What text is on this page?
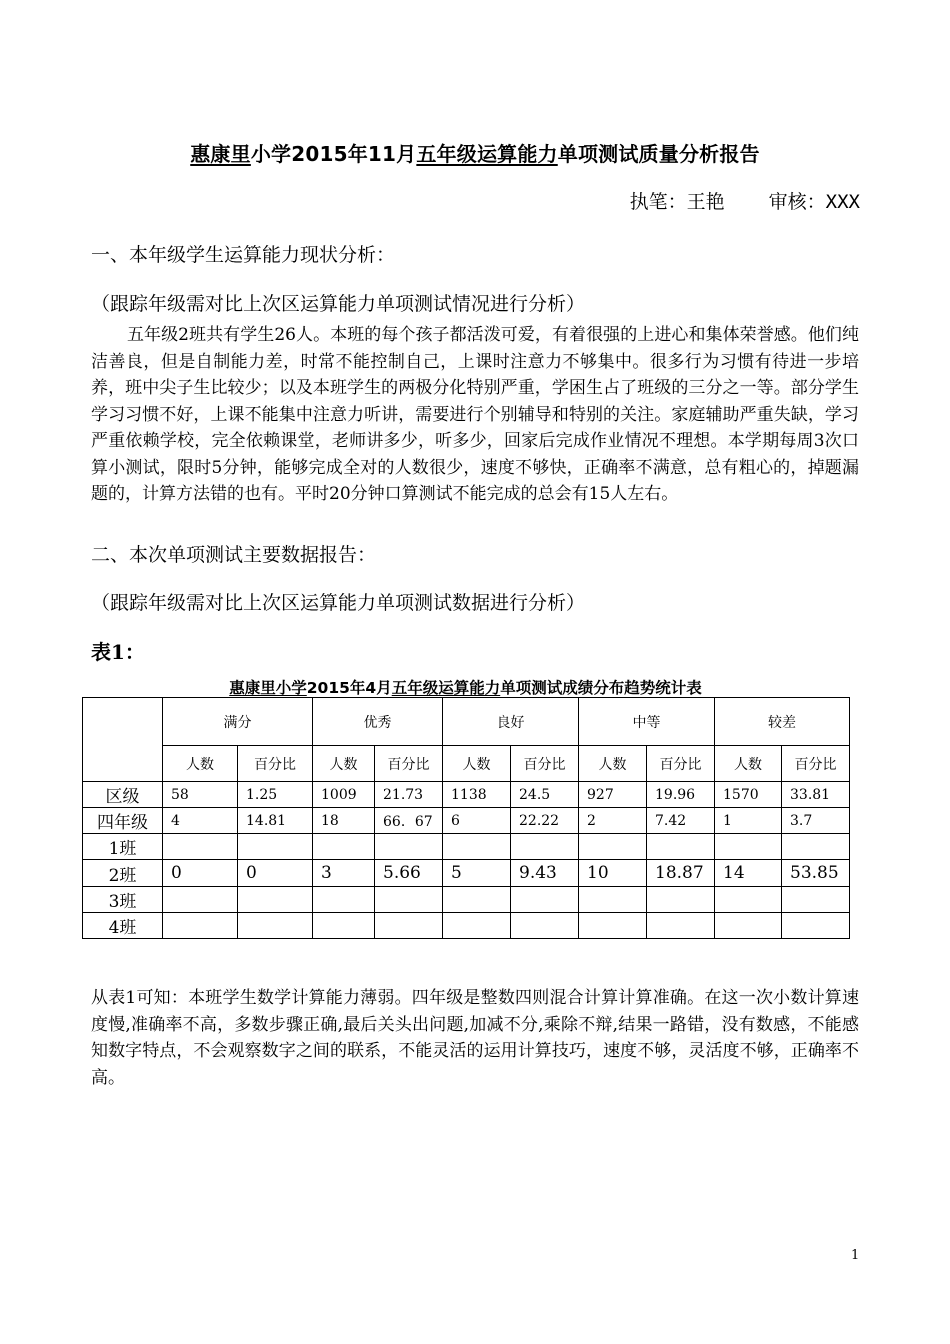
惠康里小学2015年11月五年级运算能力单项测试质量分析报告
执笔：王艳 审核：XXX
一、本年级学生运算能力现状分析：
（跟踪年级需对比上次区运算能力单项测试情况进行分析）
五年级2班共有学生26人。本班的每个孩子都活泼可爱，有着很强的上进心和集体荣誉感。他们纯洁善良，但是自制能力差，时常不能控制自己，上课时注意力不够集中。很多行为习惯有待进一步培养，班中尖子生比较少；以及本班学生的两极分化特别严重，学困生占了班级的三分之一等。部分学生学习习惯不好，上课不能集中注意力听讲，需要进行个别辅导和特别的关注。家庭辅助严重失缺，学习严重依赖学校，完全依赖课堂，老师讲多少，听多少，回家后完成作业情况不理想。本学期每周3次口算小测试，限时5分钟，能够完成全对的人数很少，速度不够快，正确率不满意，总有粗心的，掉题漏题的，计算方法错的也有。平时20分钟口算测试不能完成的总会有15人左右。
二、本次单项测试主要数据报告：
（跟踪年级需对比上次区运算能力单项测试数据进行分析）
表1：
惠康里小学2015年4月五年级运算能力单项测试成绩分布趋势统计表
	满分		优秀		良好		中等		较差	
	人数	百分比	人数	百分比	人数	百分比	人数	百分比	人数	百分比
区级	58	1.25	1009	21.73	1138	24.5	927	19.96	1570	33.81
四年级	4	14.81	18	66．67	6	22.22	2	7.42	1	3.7
1班										
2班	0	0	3	5.66	5	9.43	10	18.87	14	53.85
3班										
4班										
从表1可知：本班学生数学计算能力薄弱。四年级是整数四则混合计算计算准确。在这一次小数计算速度慢,准确率不高，多数步骤正确,最后关头出问题,加减不分,乘除不辩,结果一路错，没有数感，不能感知数字特点，不会观察数字之间的联系，不能灵活的运用计算技巧，速度不够，灵活度不够，正确率不高。
1
